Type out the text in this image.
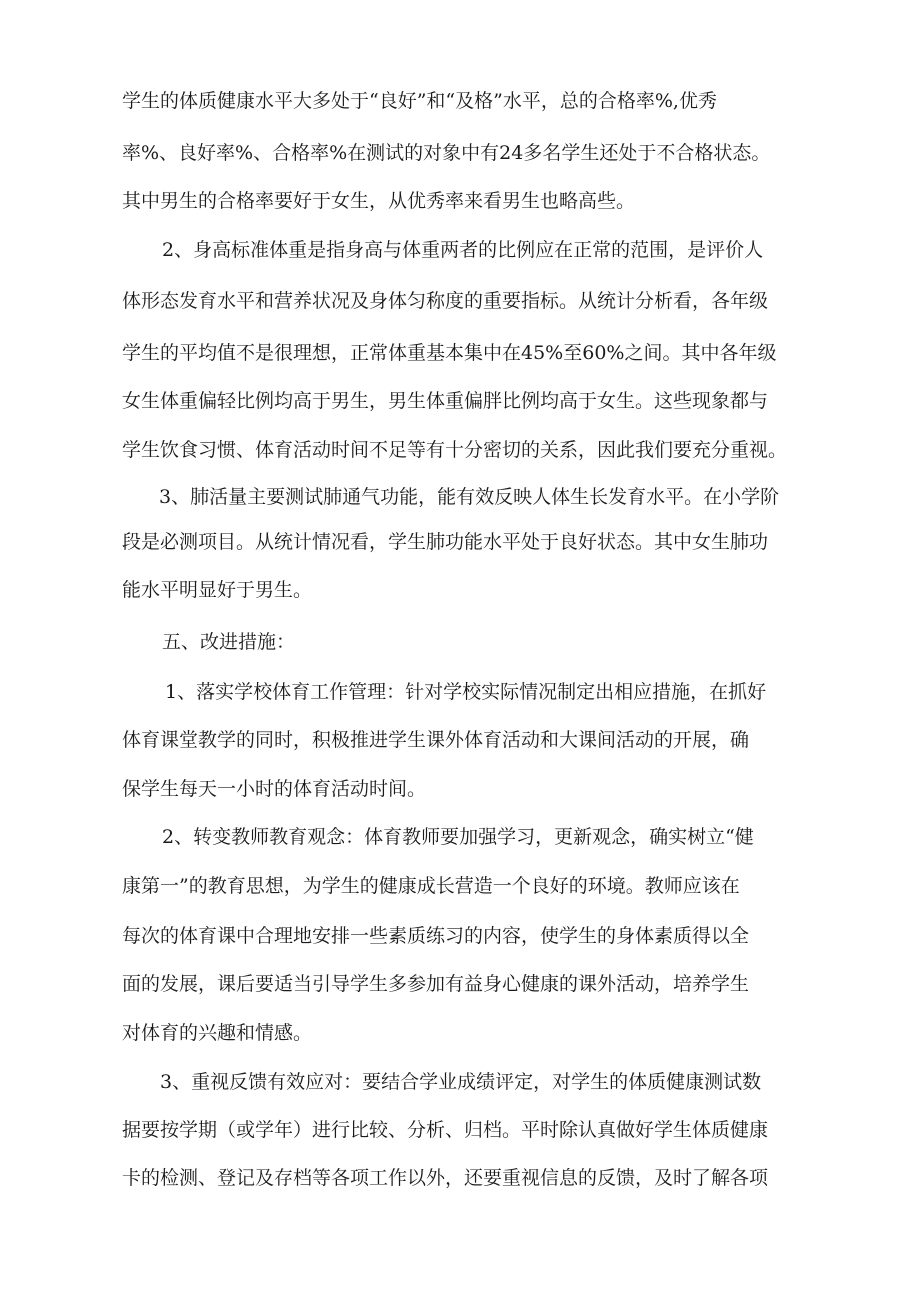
学生的体质健康水平大多处于“良好”和“及格”水平，总的合格率%,优秀
率%、良好率%、合格率%在测试的对象中有24多名学生还处于不合格状态。
其中男生的合格率要好于女生，从优秀率来看男生也略高些。
2、身高标准体重是指身高与体重两者的比例应在正常的范围，是评价人
体形态发育水平和营养状况及身体匀称度的重要指标。从统计分析看，各年级
学生的平均值不是很理想，正常体重基本集中在45%至60%之间。其中各年级
女生体重偏轻比例均高于男生，男生体重偏胖比例均高于女生。这些现象都与
学生饮食习惯、体育活动时间不足等有十分密切的关系，因此我们要充分重视。
3、肺活量主要测试肺通气功能，能有效反映人体生长发育水平。在小学阶
段是必测项目。从统计情况看，学生肺功能水平处于良好状态。其中女生肺功
能水平明显好于男生。
五、改进措施：
1、落实学校体育工作管理：针对学校实际情况制定出相应措施，在抓好
体育课堂教学的同时，积极推进学生课外体育活动和大课间活动的开展，确
保学生每天一小时的体育活动时间。
2、转变教师教育观念：体育教师要加强学习，更新观念，确实树立“健
康第一”的教育思想，为学生的健康成长营造一个良好的环境。教师应该在
每次的体育课中合理地安排一些素质练习的内容，使学生的身体素质得以全
面的发展，课后要适当引导学生多参加有益身心健康的课外活动，培养学生
对体育的兴趣和情感。
3、重视反馈有效应对：要结合学业成绩评定，对学生的体质健康测试数
据要按学期（或学年）进行比较、分析、归档。平时除认真做好学生体质健康
卡的检测、登记及存档等各项工作以外，还要重视信息的反馈，及时了解各项
